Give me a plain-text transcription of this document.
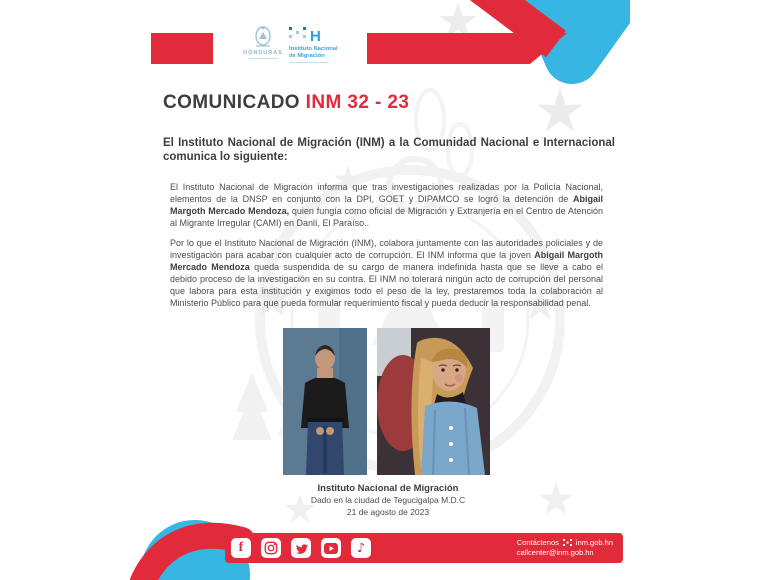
HONDURAS
H
Instituto Nacional
de Migración
COMUNICADO INM 32 - 23
El Instituto Nacional de Migración (INM) a la Comunidad Nacional e Internacional comunica lo siguiente:
El Instituto Nacional de Migración informa que tras investigaciones realizadas por la Policía Nacional, elementos de la DNSP en conjunto con la DPI, GOET y DIPAMCO se logró la detención de Abigail Margoth Mercado Mendoza, quien fungía como oficial de Migración y Extranjería en el Centro de Atención al Migrante Irregular (CAMI) en Danlí, El Paraíso..
Por lo que el Instituto Nacional de Migración (INM), colabora juntamente con las autoridades policiales y de investigación para acabar con cualquier acto de corrupción. El INM informa que la joven Abigail Margoth Mercado Mendoza queda suspendida de su cargo de manera indefinida hasta que se lleve a cabo el debido proceso de la investigación en su contra. El INM no tolerará ningún acto de corrupción del personal que labora para esta institución y exigimos todo el peso de la ley, prestaremos toda la colaboración al Ministerio Público para que pueda formular requerimiento fiscal y pueda deducir la responsabilidad penal.
Instituto Nacional de Migración
Dado en la ciudad de Tegucigalpa M.D.C
21 de agosto de 2023
f	♪	Contáctenos inm.gob.hn
callcenter@inm.gob.hn
